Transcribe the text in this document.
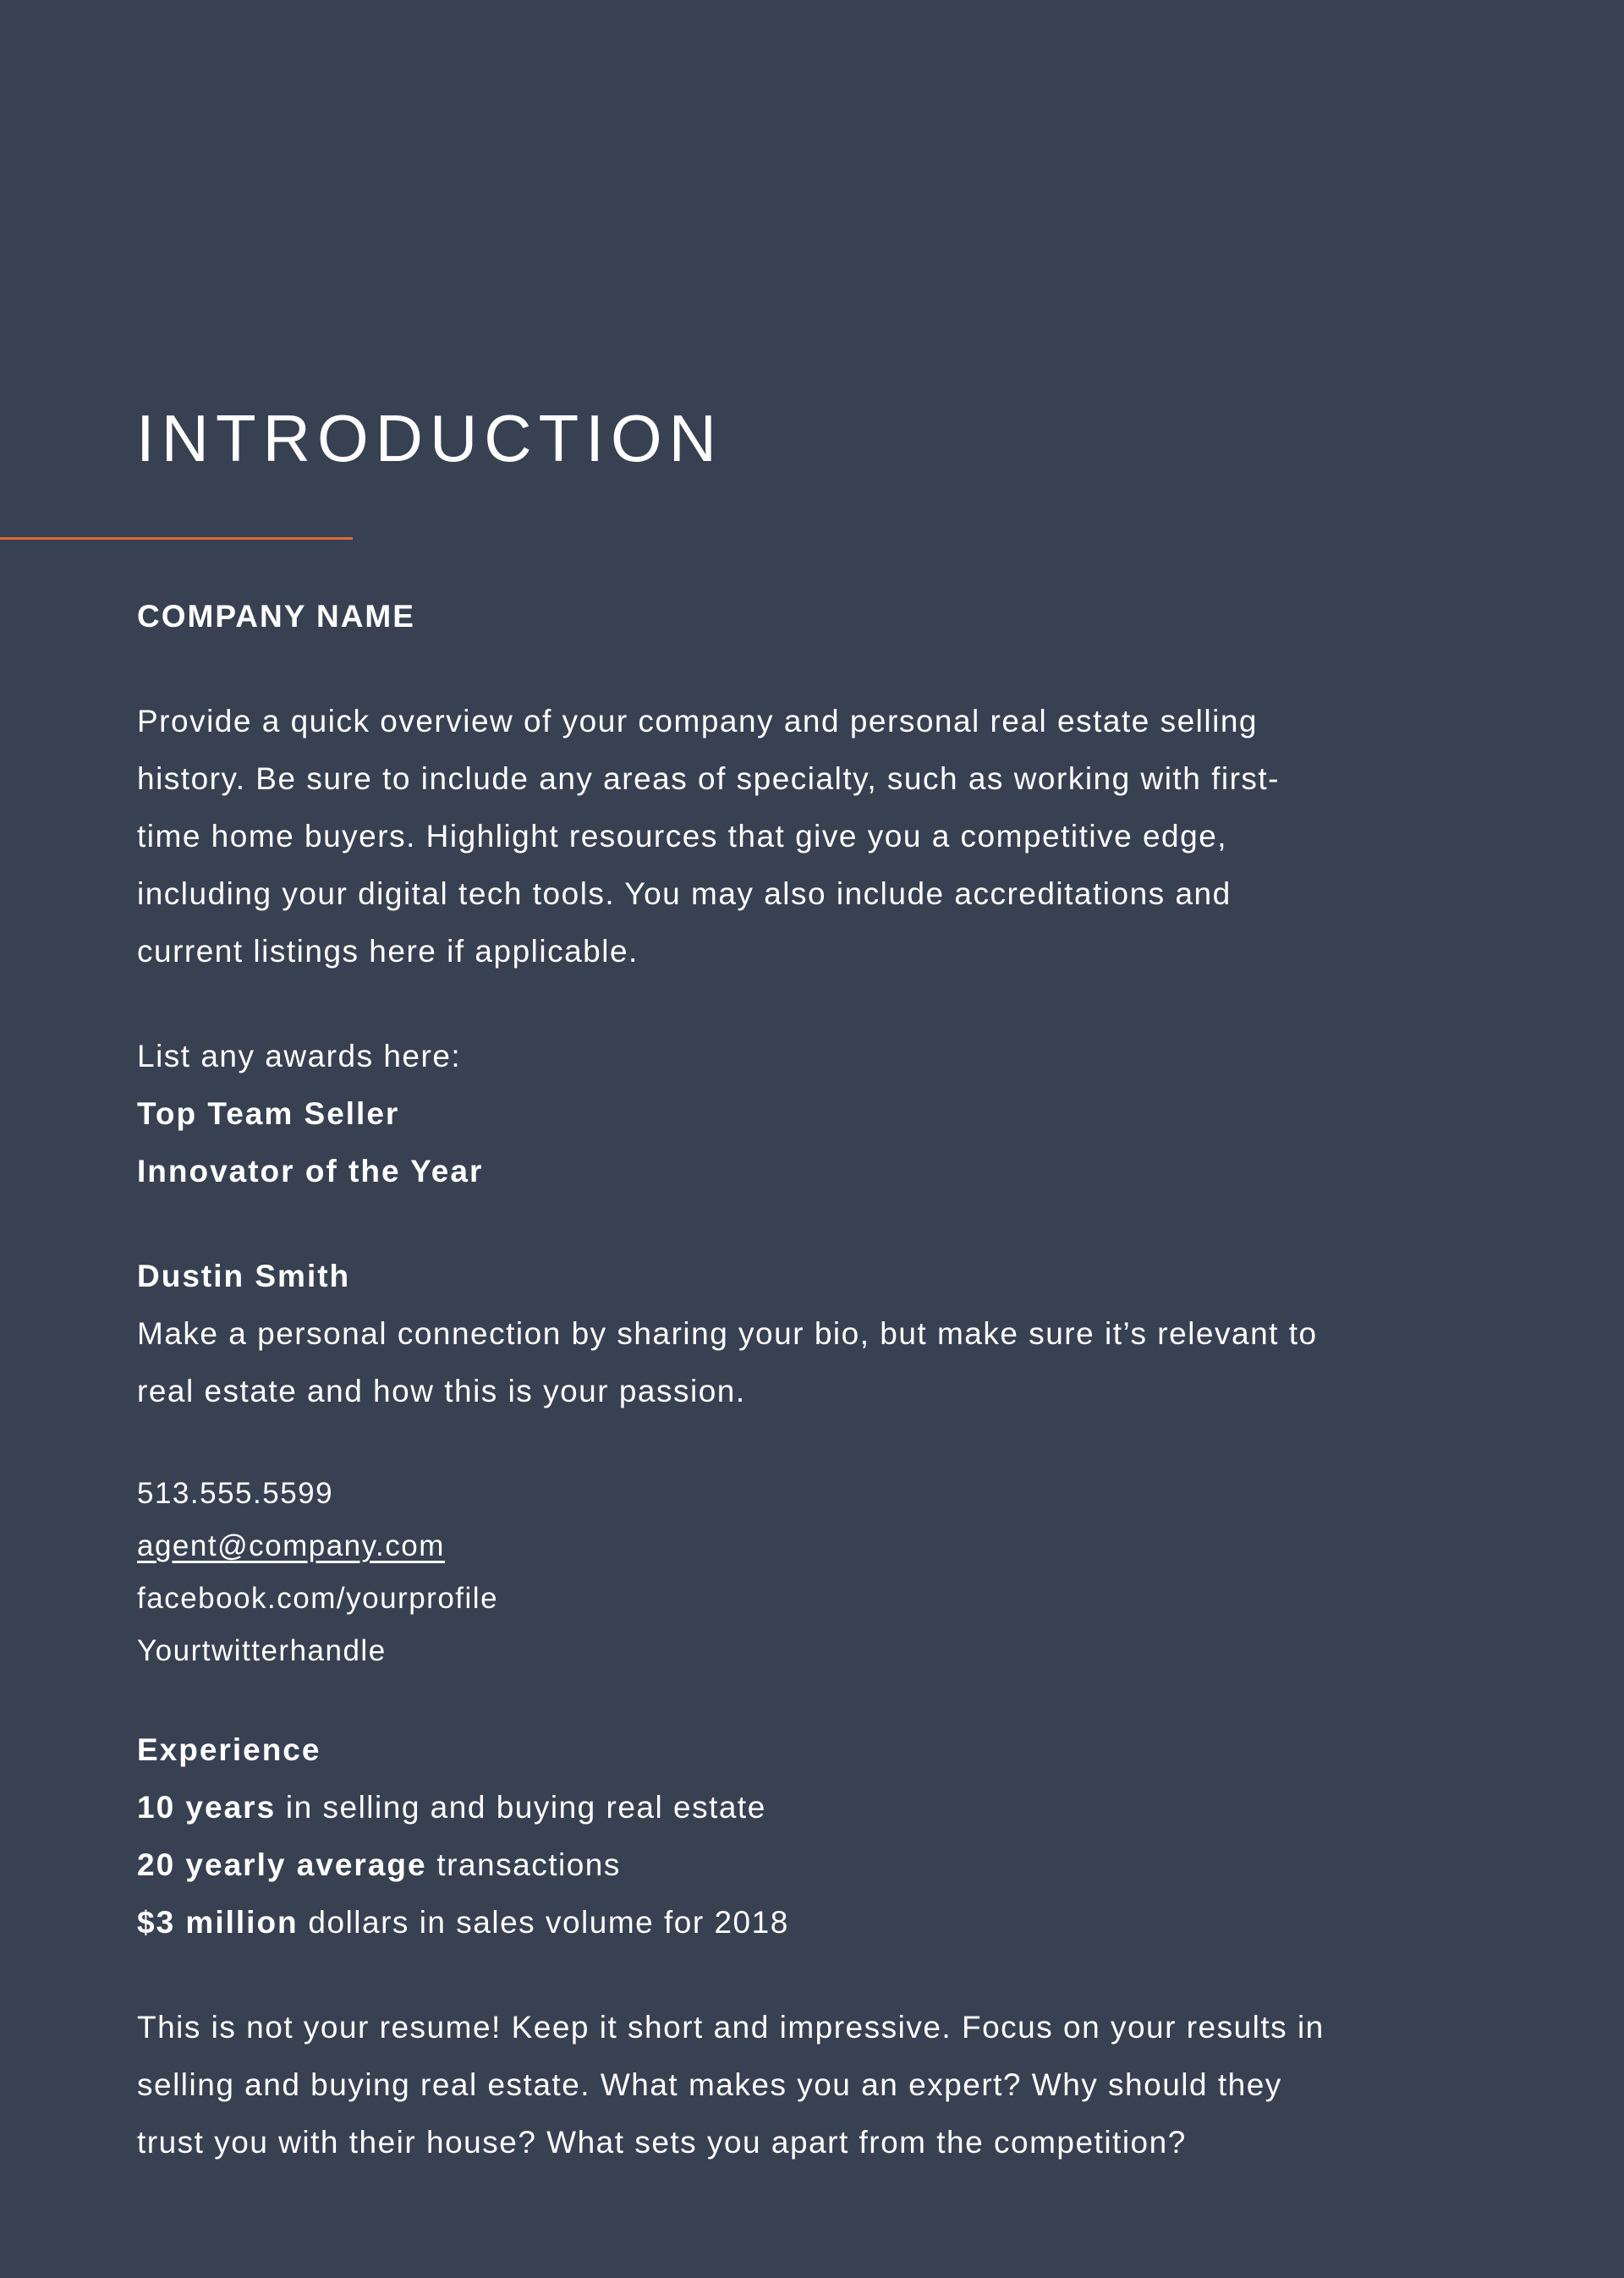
INTRODUCTION

COMPANY NAME

Provide a quick overview of your company and personal real estate selling
history. Be sure to include any areas of specialty, such as working with first-
time home buyers. Highlight resources that give you a competitive edge,
including your digital tech tools. You may also include accreditations and
current listings here if applicable.
List any awards here:
Top Team Seller
Innovator of the Year
Dustin Smith
Make a personal connection by sharing your bio, but make sure it’s relevant to
real estate and how this is your passion.
513.555.5599
agent@company.com
facebook.com/yourprofile
Yourtwitterhandle
Experience
10 years in selling and buying real estate
20 yearly average transactions
$3 million dollars in sales volume for 2018
This is not your resume! Keep it short and impressive. Focus on your results in
selling and buying real estate. What makes you an expert? Why should they
trust you with their house? What sets you apart from the competition?
